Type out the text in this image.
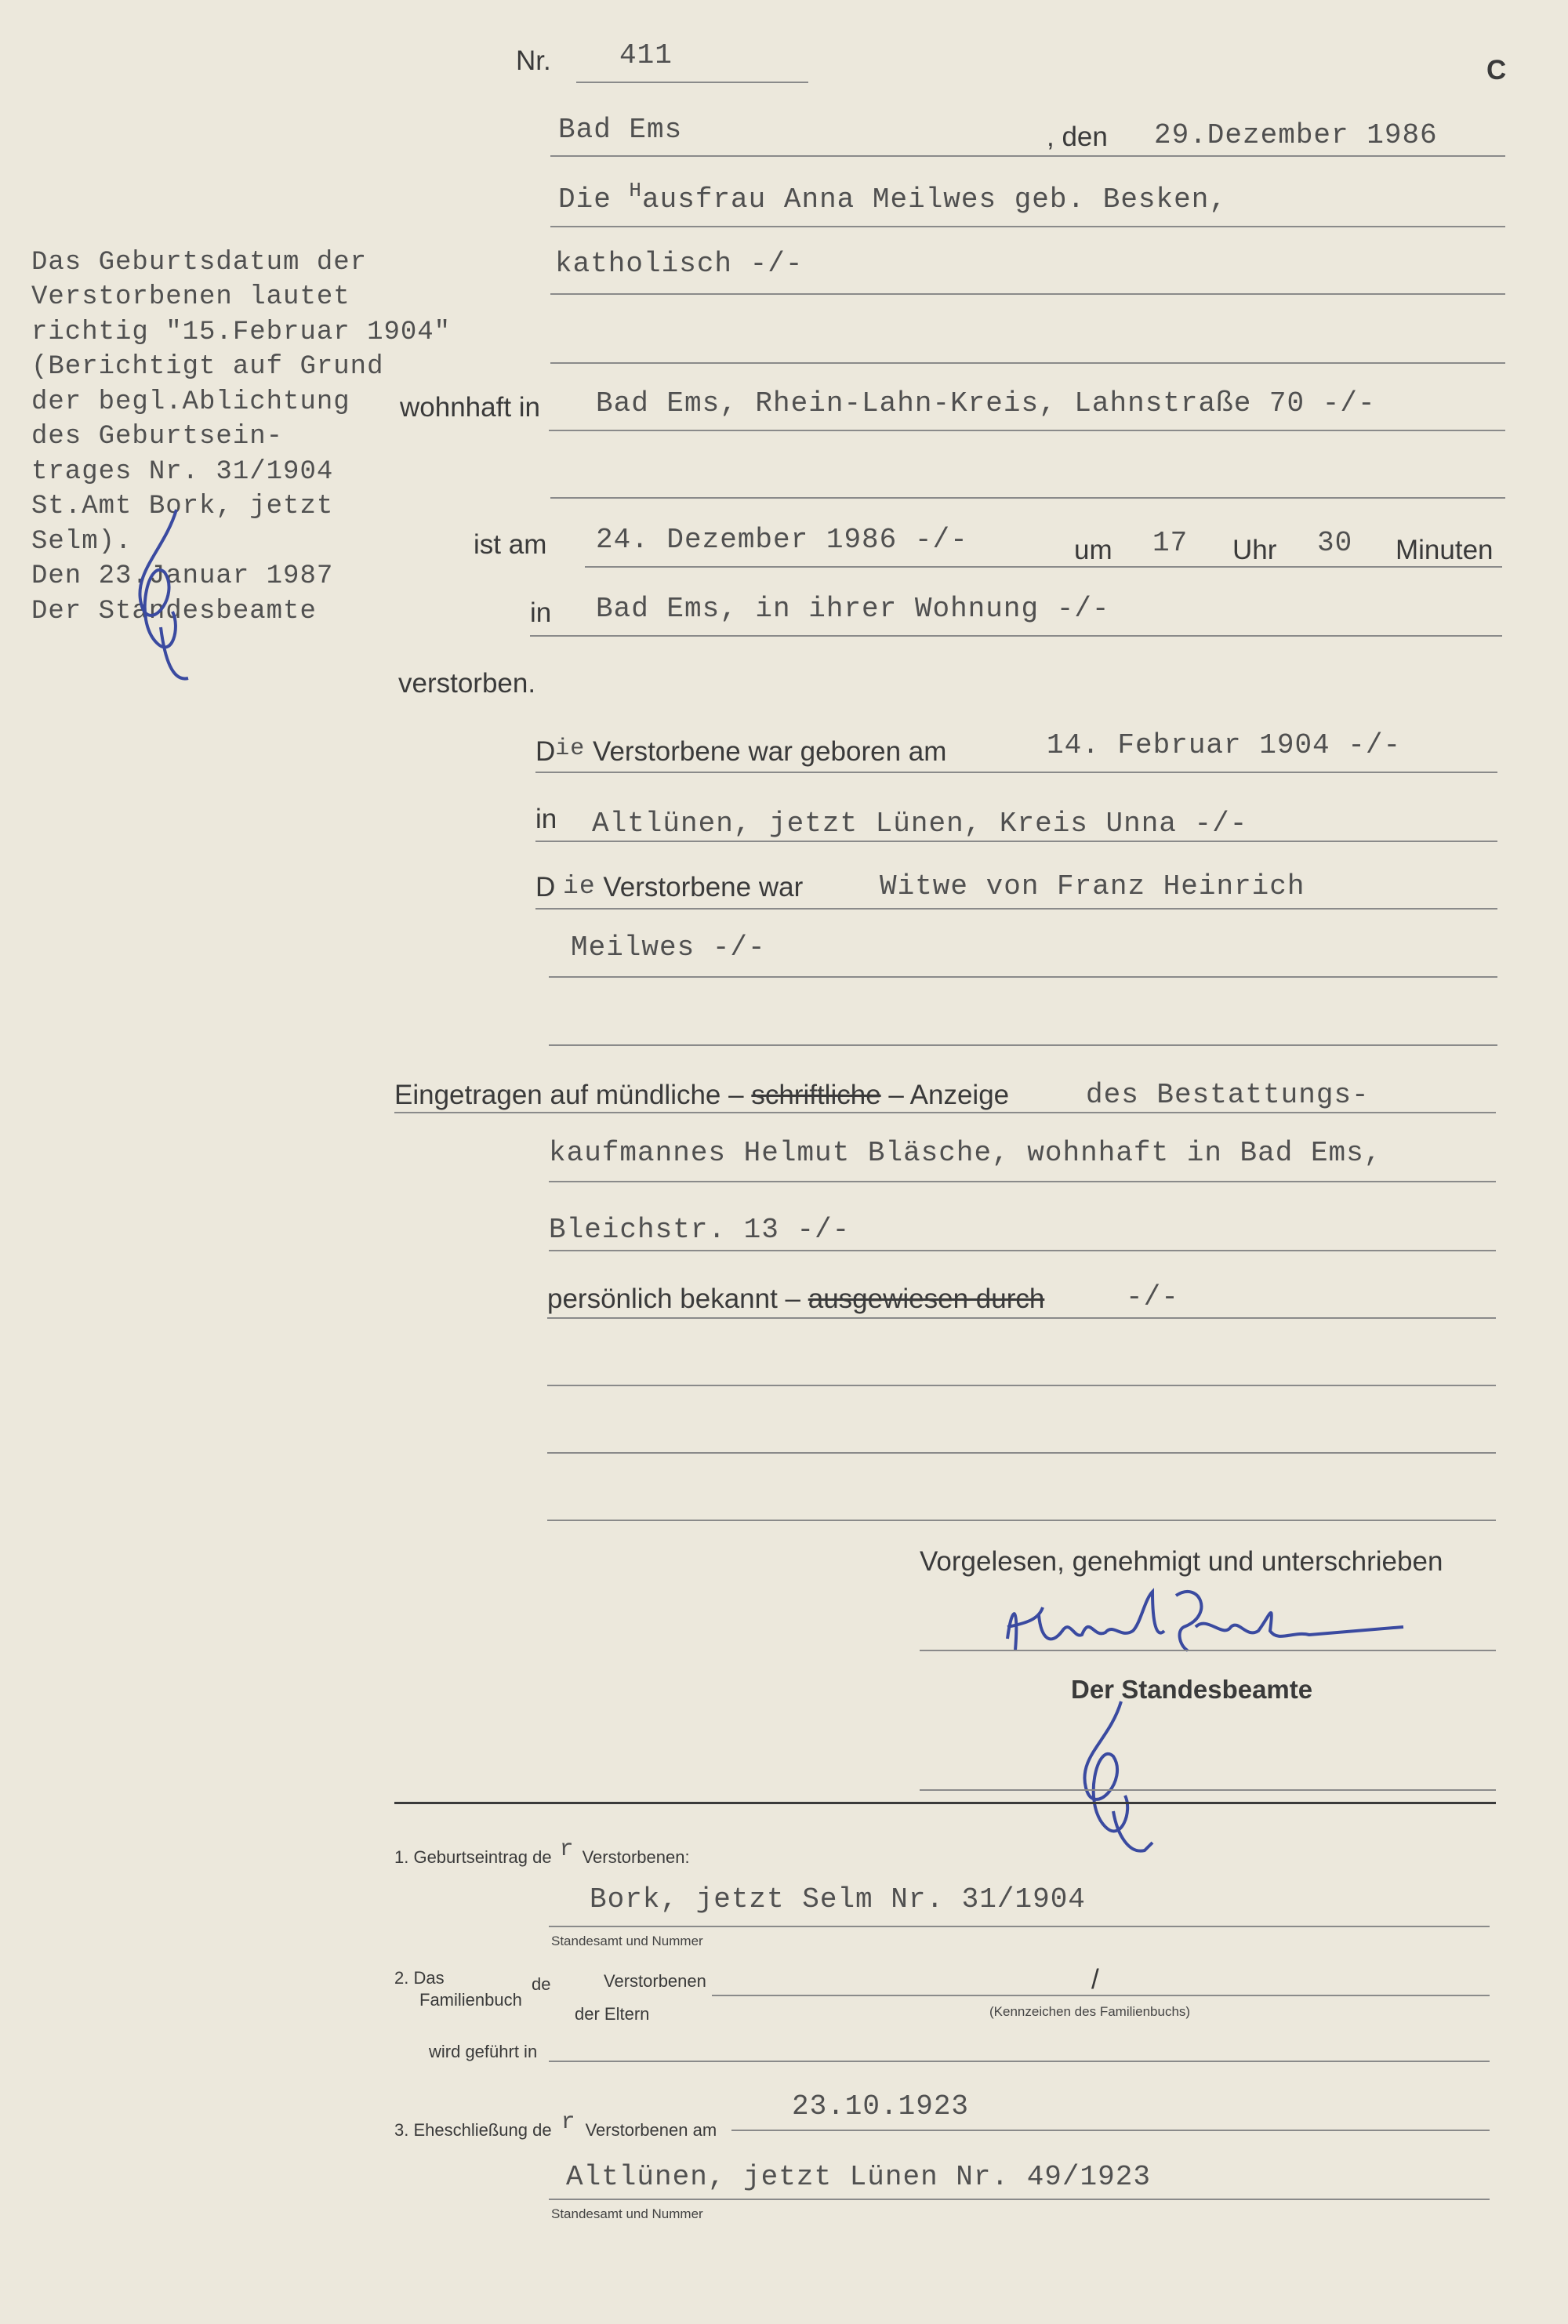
Nr. 411	C
Bad Ems	, den 29.Dezember 1986

Das Geburtsdatum der
Verstorbenen lautet
richtig "15.Februar 1904"
(Berichtigt auf Grund
der begl.Ablichtung
des Geburtsein-
trages Nr. 31/1904
St.Amt Bork, jetzt
Selm).
Den 23.Januar 1987
Der Standesbeamte

Die $^H$ausfrau Anna Meilwes geb. Besken,
katholisch -/-
wohnhaft in Bad Ems, Rhein-Lahn-Kreis, Lahnstraße 70 -/-
ist am 24. Dezember 1986 -/-	um 17 Uhr 30 Minuten
in Bad Ems, in ihrer Wohnung -/-
verstorben.
Die Verstorbene war geboren am	14. Februar 1904 -/-
in Altlünen, jetzt Lünen, Kreis Unna -/-
D ie Verstorbene war	Witwe von Franz Heinrich
Meilwes -/-
Eingetragen auf mündliche – schriftliche – Anzeige	des Bestattungs-
kaufmannes Helmut Bläsche, wohnhaft in Bad Ems,
Bleichstr. 13 -/-
persönlich bekannt – ausgewiesen durch	-/-
Vorgelesen, genehmigt und unterschrieben
Der Standesbeamte
1. Geburtseintrag de r Verstorbenen:
Bork, jetzt Selm Nr. 31/1904
Standesamt und Nummer
2. Das
Familienbuch
de	Verstorbenen
der Eltern
/
(Kennzeichen des Familienbuchs)
wird geführt in
3. Eheschließung de r Verstorbenen am
23.10.1923
Altlünen, jetzt Lünen Nr. 49/1923
Standesamt und Nummer
